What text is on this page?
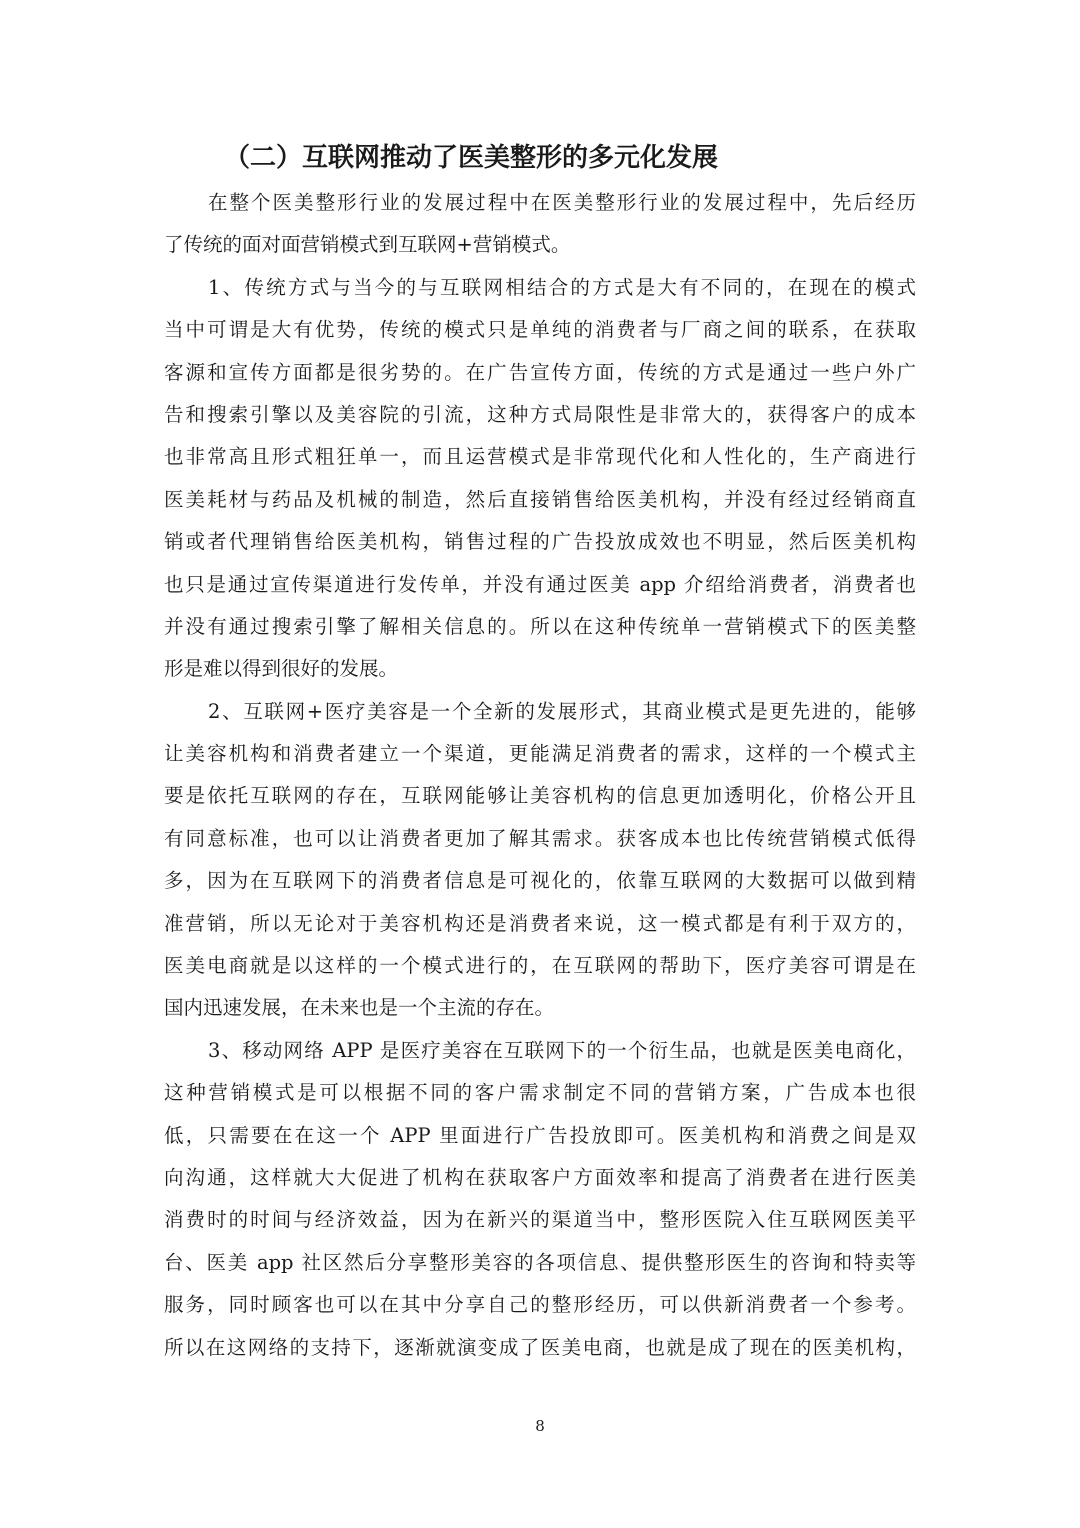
（二）互联网推动了医美整形的多元化发展
在整个医美整形行业的发展过程中在医美整形行业的发展过程中，先后经历
了传统的面对面营销模式到互联网+营销模式。
1、传统方式与当今的与互联网相结合的方式是大有不同的，在现在的模式
当中可谓是大有优势，传统的模式只是单纯的消费者与厂商之间的联系，在获取
客源和宣传方面都是很劣势的。在广告宣传方面，传统的方式是通过一些户外广
告和搜索引擎以及美容院的引流，这种方式局限性是非常大的，获得客户的成本
也非常高且形式粗狂单一，而且运营模式是非常现代化和人性化的，生产商进行
医美耗材与药品及机械的制造，然后直接销售给医美机构，并没有经过经销商直
销或者代理销售给医美机构，销售过程的广告投放成效也不明显，然后医美机构
也只是通过宣传渠道进行发传单，并没有通过医美 app 介绍给消费者，消费者也
并没有通过搜索引擎了解相关信息的。所以在这种传统单一营销模式下的医美整
形是难以得到很好的发展。
2、互联网+医疗美容是一个全新的发展形式，其商业模式是更先进的，能够
让美容机构和消费者建立一个渠道，更能满足消费者的需求，这样的一个模式主
要是依托互联网的存在，互联网能够让美容机构的信息更加透明化，价格公开且
有同意标准，也可以让消费者更加了解其需求。获客成本也比传统营销模式低得
多，因为在互联网下的消费者信息是可视化的，依靠互联网的大数据可以做到精
准营销，所以无论对于美容机构还是消费者来说，这一模式都是有利于双方的，
医美电商就是以这样的一个模式进行的，在互联网的帮助下，医疗美容可谓是在
国内迅速发展，在未来也是一个主流的存在。
3、移动网络 APP 是医疗美容在互联网下的一个衍生品，也就是医美电商化，
这种营销模式是可以根据不同的客户需求制定不同的营销方案，广告成本也很
低，只需要在在这一个 APP 里面进行广告投放即可。医美机构和消费之间是双
向沟通，这样就大大促进了机构在获取客户方面效率和提高了消费者在进行医美
消费时的时间与经济效益，因为在新兴的渠道当中，整形医院入住互联网医美平
台、医美 app 社区然后分享整形美容的各项信息、提供整形医生的咨询和特卖等
服务，同时顾客也可以在其中分享自己的整形经历，可以供新消费者一个参考。
所以在这网络的支持下，逐渐就演变成了医美电商，也就是成了现在的医美机构，
8
